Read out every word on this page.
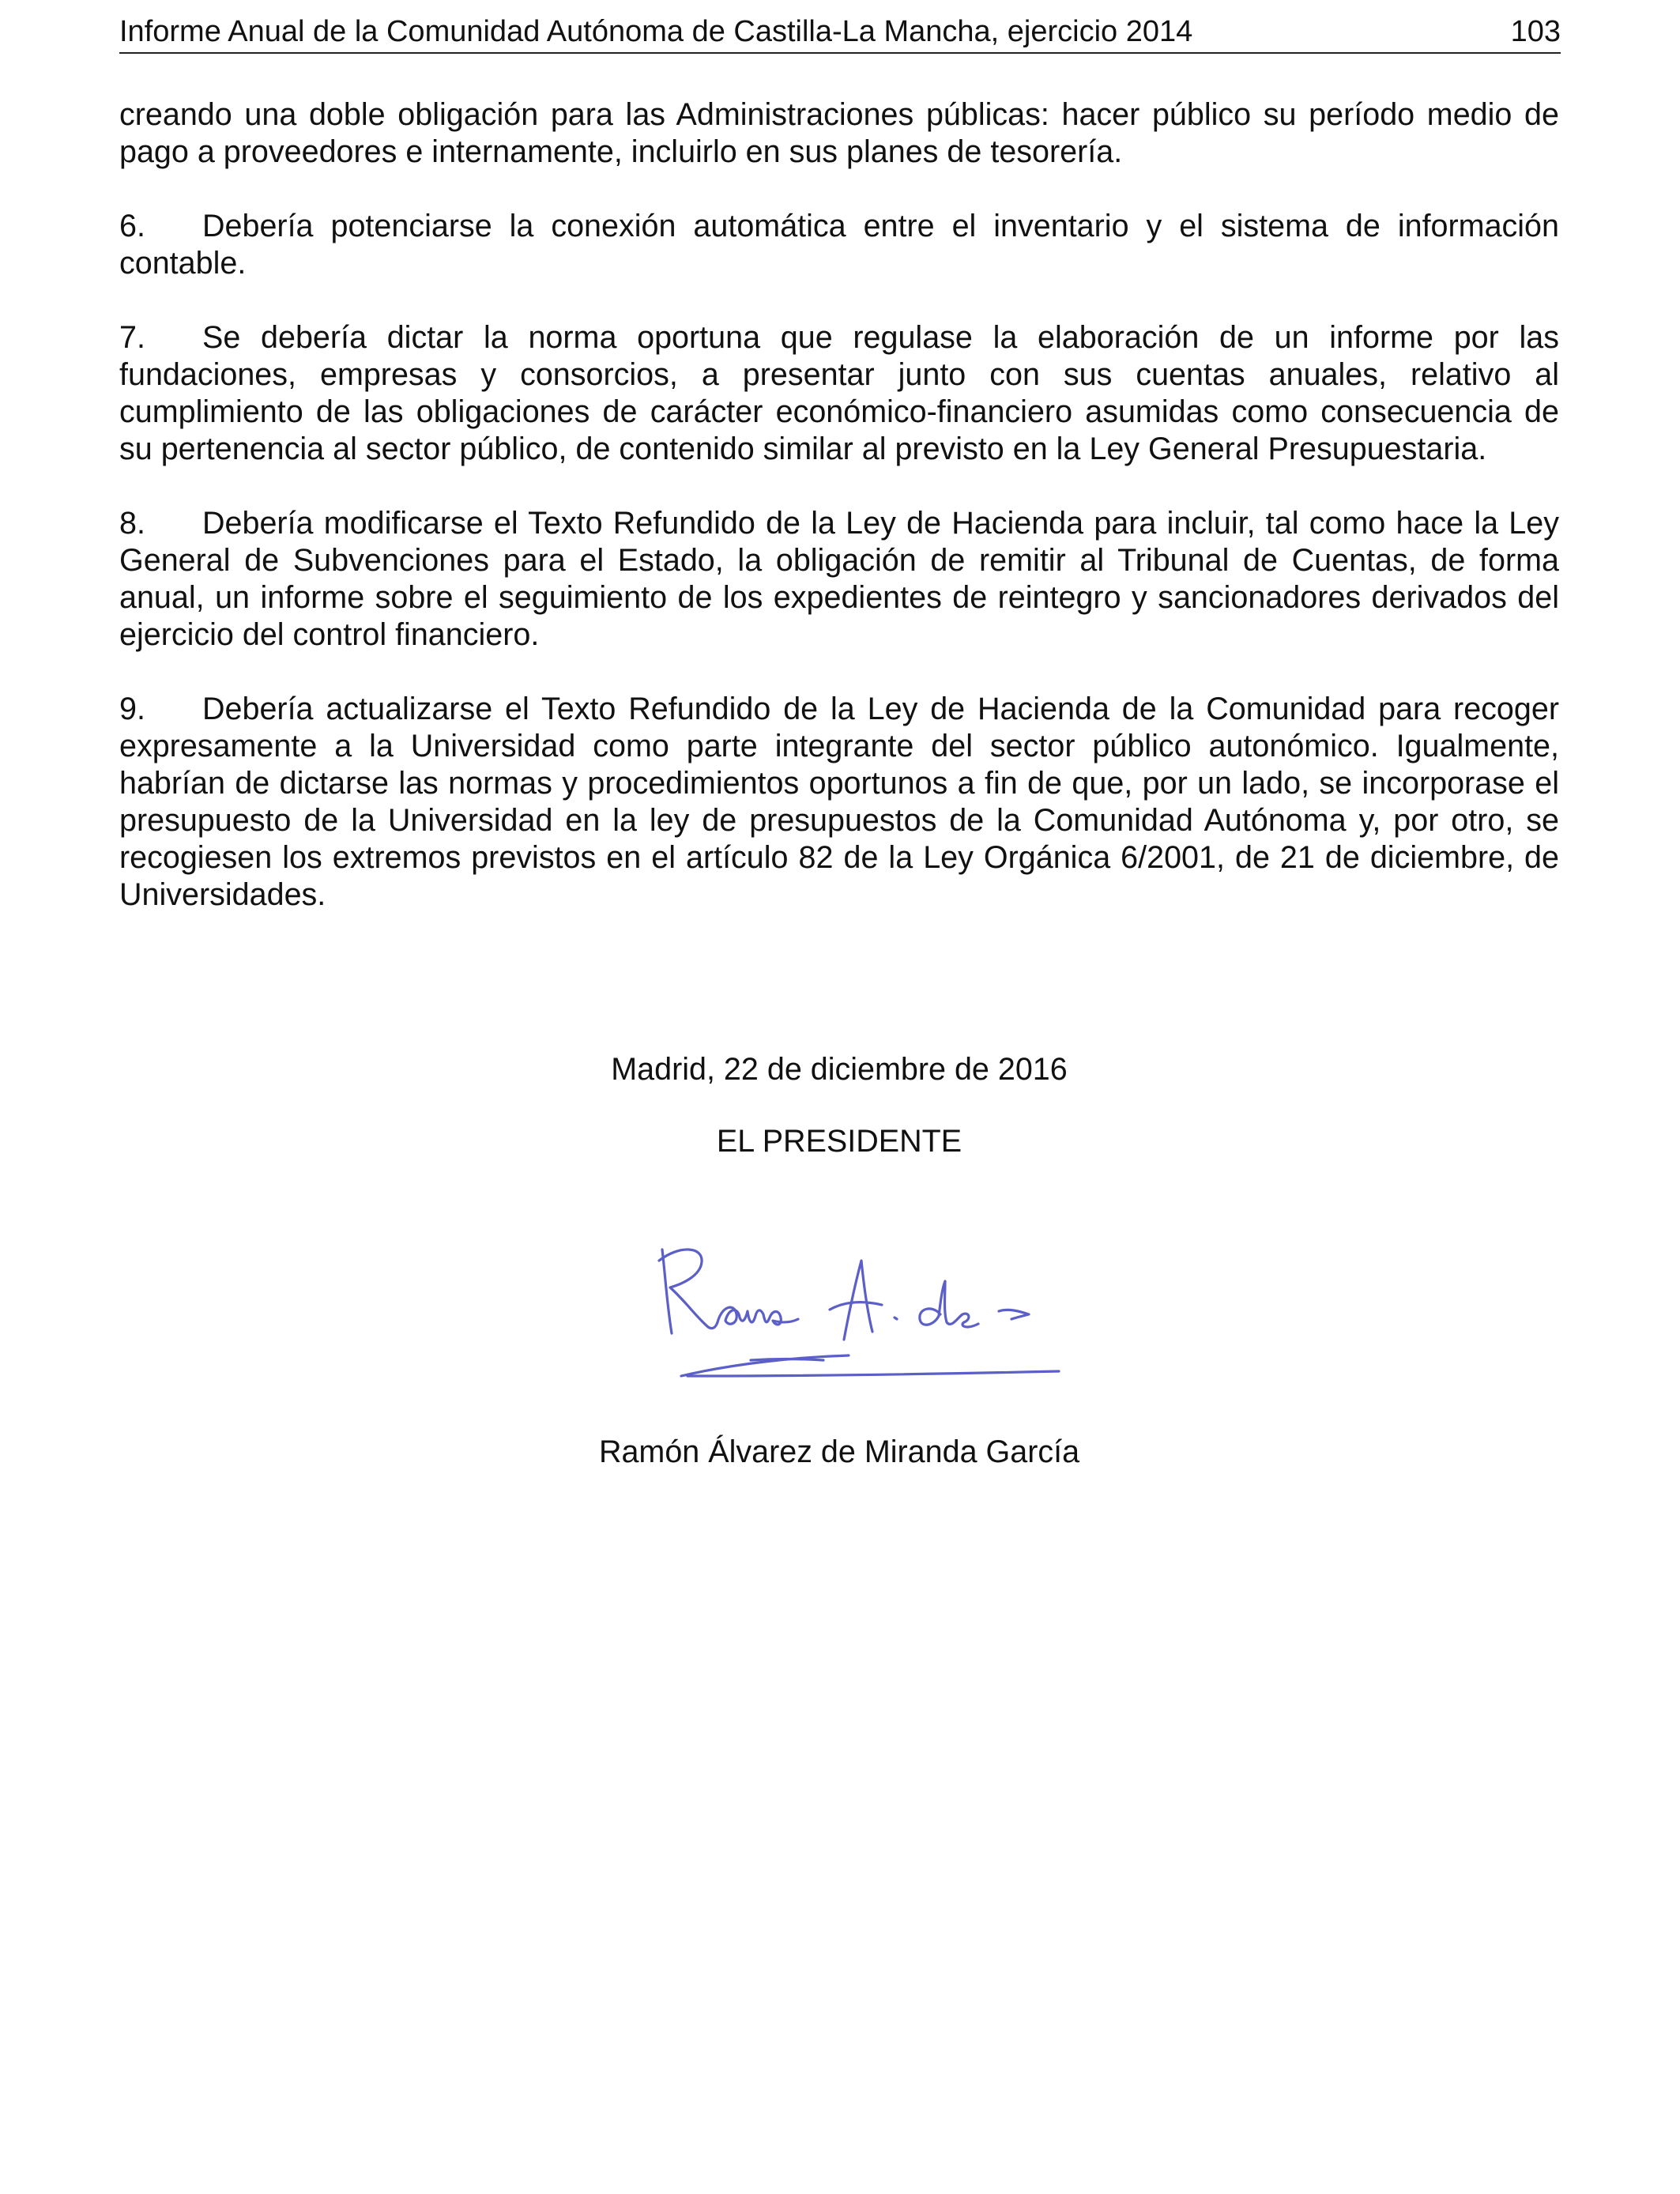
Informe Anual de la Comunidad Autónoma de Castilla-La Mancha, ejercicio 2014	103

creando una doble obligación para las Administraciones públicas: hacer público su período medio de pago a proveedores e internamente, incluirlo en sus planes de tesorería.

6. Debería potenciarse la conexión automática entre el inventario y el sistema de información contable.

7. Se debería dictar la norma oportuna que regulase la elaboración de un informe por las fundaciones, empresas y consorcios, a presentar junto con sus cuentas anuales, relativo al cumplimiento de las obligaciones de carácter económico-financiero asumidas como consecuencia de su pertenencia al sector público, de contenido similar al previsto en la Ley General Presupuestaria.

8. Debería modificarse el Texto Refundido de la Ley de Hacienda para incluir, tal como hace la Ley General de Subvenciones para el Estado, la obligación de remitir al Tribunal de Cuentas, de forma anual, un informe sobre el seguimiento de los expedientes de reintegro y sancionadores derivados del ejercicio del control financiero.

9. Debería actualizarse el Texto Refundido de la Ley de Hacienda de la Comunidad para recoger expresamente a la Universidad como parte integrante del sector público autonómico. Igualmente, habrían de dictarse las normas y procedimientos oportunos a fin de que, por un lado, se incorporase el presupuesto de la Universidad en la ley de presupuestos de la Comunidad Autónoma y, por otro, se recogiesen los extremos previstos en el artículo 82 de la Ley Orgánica 6/2001, de 21 de diciembre, de Universidades.

Madrid, 22 de diciembre de 2016
EL PRESIDENTE
Ramón Álvarez de Miranda García
